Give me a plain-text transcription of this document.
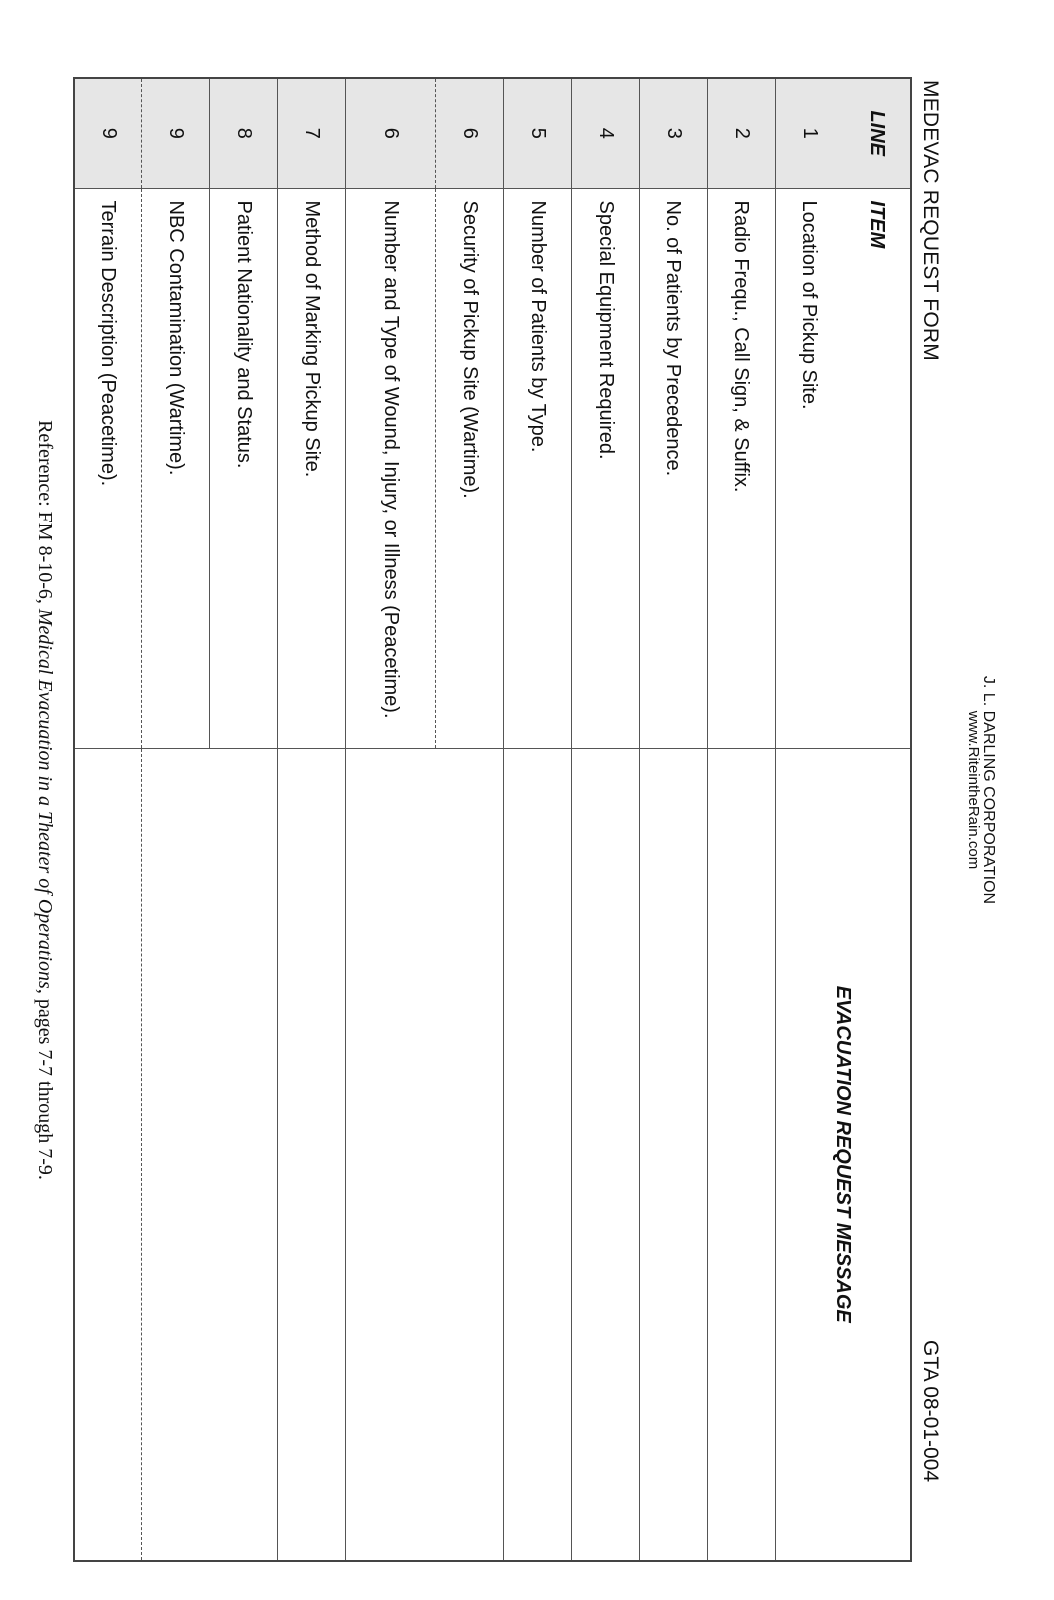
MEDEVAC REQUEST FORM
J. L. DARLING CORPORATION
www.RiteintheRain.com
GTA 08-01-004
LINE	ITEM	EVACUATION REQUEST MESSAGE
1	Location of Pickup Site.	
2	Radio Frequ., Call Sign, & Suffix.	
3	No. of Patients by Precedence.	
4	Special Equipment Required.	
5	Number of Patients by Type.	
6	Security of Pickup Site (Wartime).	
6	Number and Type of Wound, Injury, or Illness (Peacetime).	
7	Method of Marking Pickup Site.	
8	Patient Nationality and Status.	
9	NBC Contamination (Wartime).	
9	Terrain Description (Peacetime).	
Reference: FM 8-10-6, Medical Evacuation in a Theater of Operations, pages 7-7 through 7-9.
